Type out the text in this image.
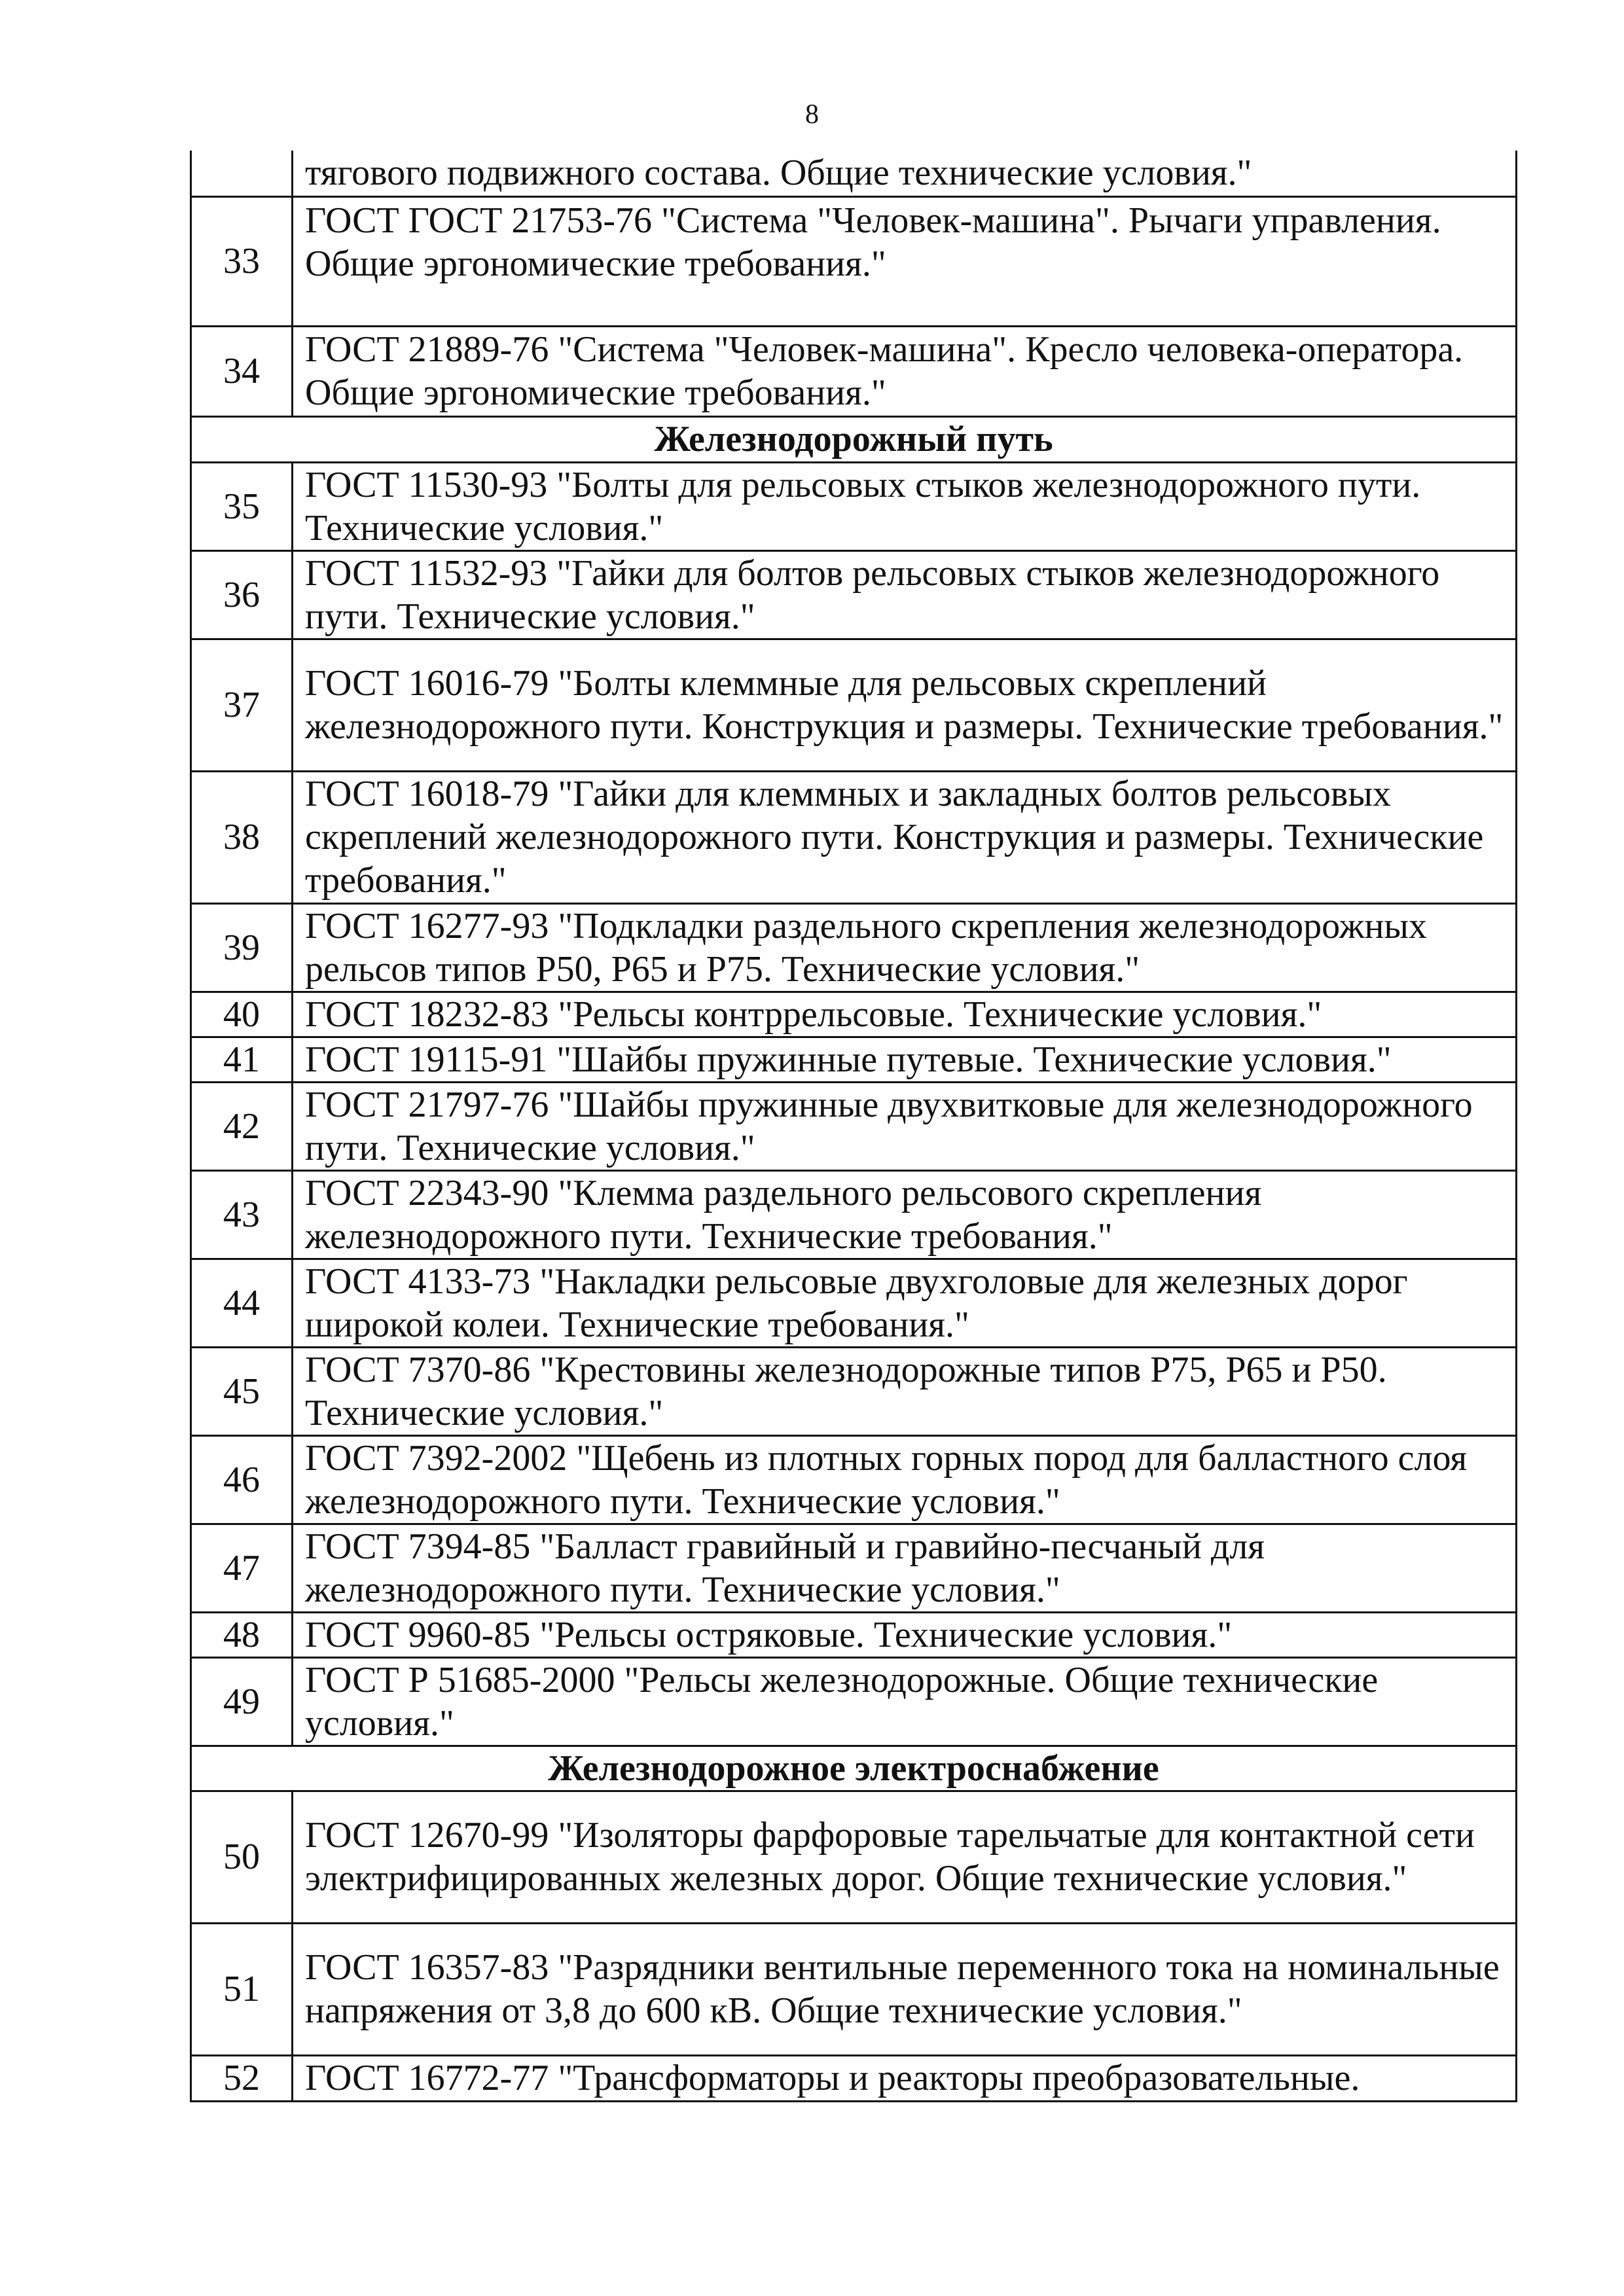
8
	тягового подвижного состава. Общие технические условия."
33	ГОСТ ГОСТ 21753-76 "Система "Человек-машина". Рычаги управления. Общие эргономические требования."
34	ГОСТ 21889-76 "Система "Человек-машина". Кресло человека-оператора. Общие эргономические требования."
Железнодорожный путь	
35	ГОСТ 11530-93 "Болты для рельсовых стыков железнодорожного пути. Технические условия."
36	ГОСТ 11532-93 "Гайки для болтов рельсовых стыков железнодорожного пути. Технические условия."
37	ГОСТ 16016-79 "Болты клеммные для рельсовых скреплений железнодорожного пути. Конструкция и размеры. Технические требования."
38	ГОСТ 16018-79 "Гайки для клеммных и закладных болтов рельсовых скреплений железнодорожного пути. Конструкция и размеры. Технические требования."
39	ГОСТ 16277-93 "Подкладки раздельного скрепления железнодорожных рельсов типов Р50, Р65 и Р75. Технические условия."
40	ГОСТ 18232-83 "Рельсы контррельсовые. Технические условия."
41	ГОСТ 19115-91 "Шайбы пружинные путевые. Технические условия."
42	ГОСТ 21797-76 "Шайбы пружинные двухвитковые для железнодорожного пути. Технические условия."
43	ГОСТ 22343-90 "Клемма раздельного рельсового скрепления железнодорожного пути. Технические требования."
44	ГОСТ 4133-73 "Накладки рельсовые двухголовые для железных дорог широкой колеи. Технические требования."
45	ГОСТ 7370-86 "Крестовины железнодорожные типов Р75, Р65 и Р50. Технические условия."
46	ГОСТ 7392-2002 "Щебень из плотных горных пород для балластного слоя железнодорожного пути. Технические условия."
47	ГОСТ 7394-85 "Балласт гравийный и гравийно-песчаный для железнодорожного пути. Технические условия."
48	ГОСТ 9960-85 "Рельсы остряковые. Технические условия."
49	ГОСТ Р 51685-2000 "Рельсы железнодорожные. Общие технические условия."
Железнодорожное электроснабжение	
50	ГОСТ 12670-99 "Изоляторы фарфоровые тарельчатые для контактной сети электрифицированных железных дорог. Общие технические условия."
51	ГОСТ 16357-83 "Разрядники вентильные переменного тока на номинальные напряжения от 3,8 до 600 кВ. Общие технические условия."
52	ГОСТ 16772-77 "Трансформаторы и реакторы преобразовательные.
